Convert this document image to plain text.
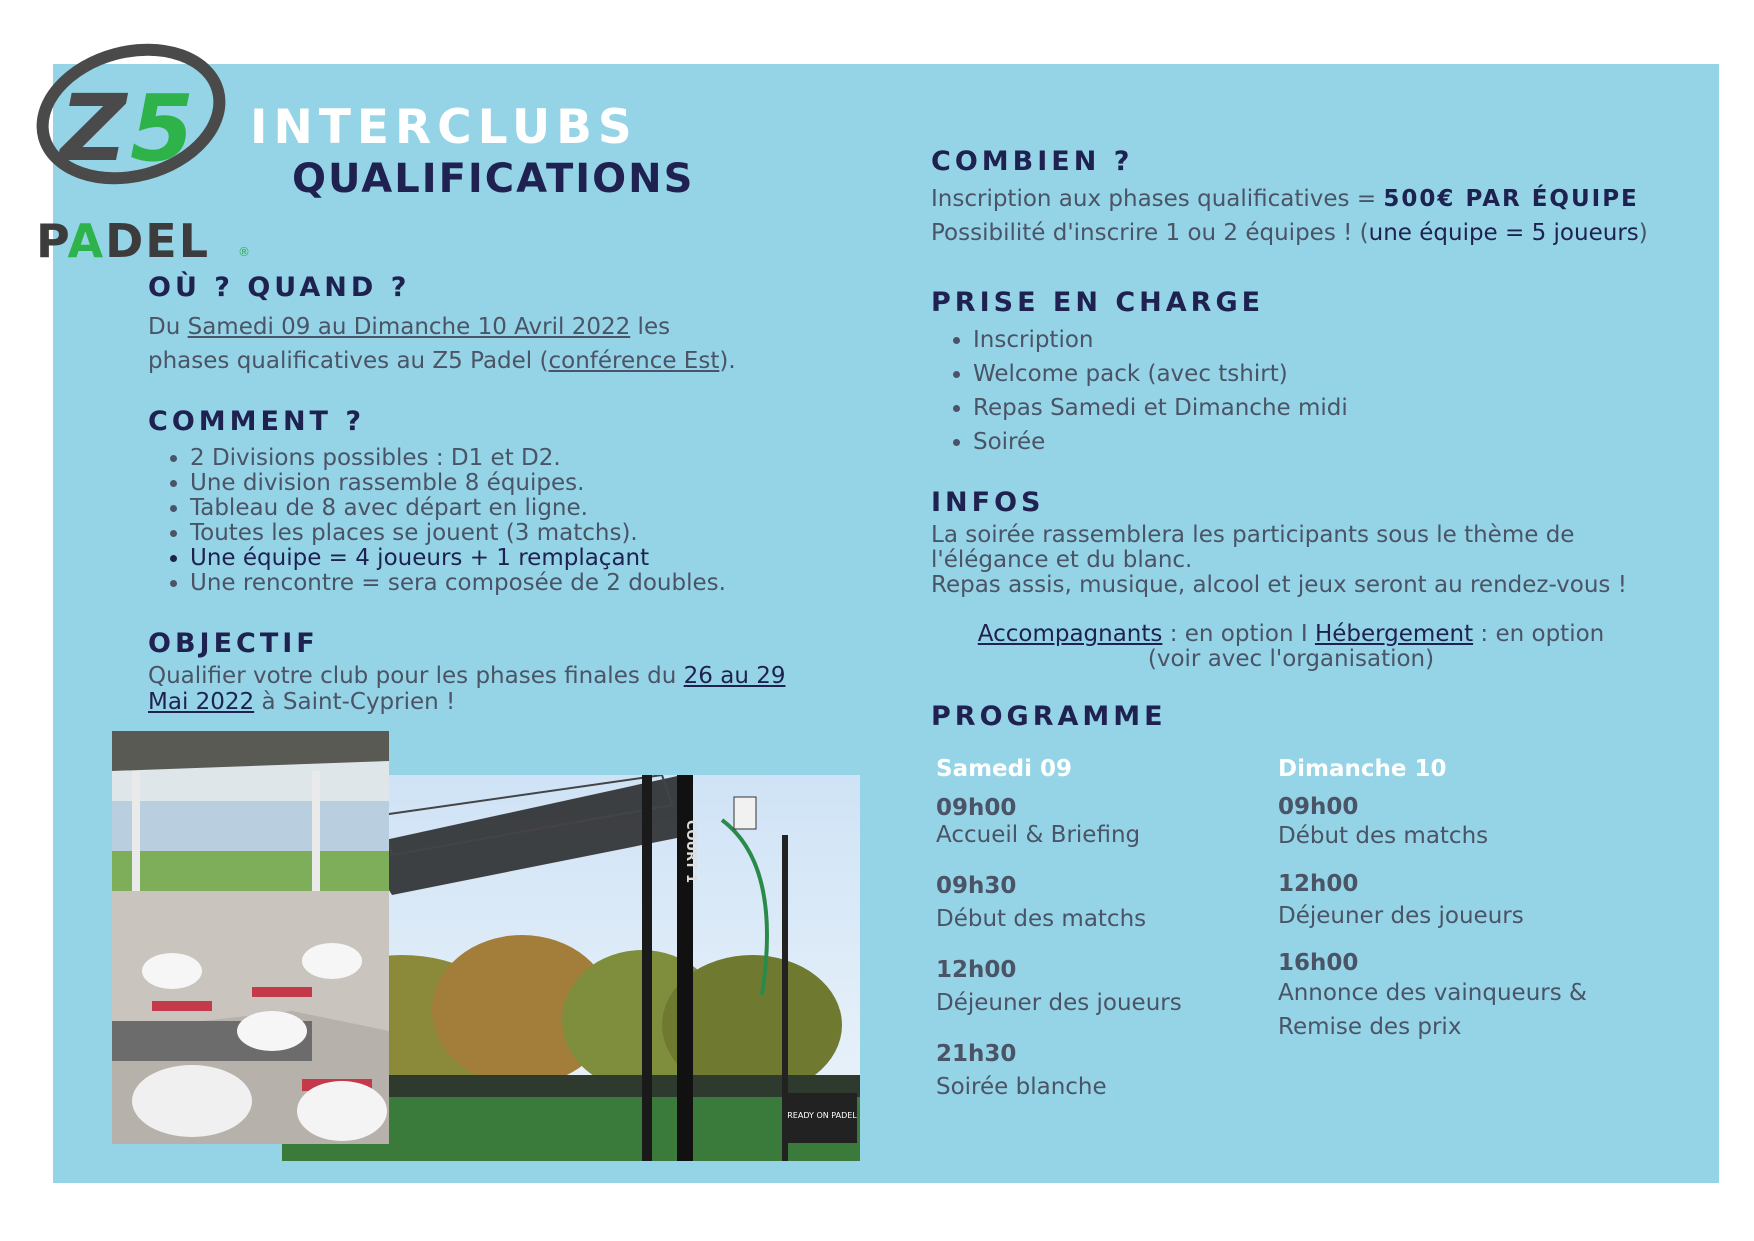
Z 5
PADEL ®
INTERCLUBS
QUALIFICATIONS
OÙ ? QUAND ?
Du Samedi 09 au Dimanche 10 Avril 2022 les phases qualificatives au Z5 Padel (conférence Est).
COMMENT ?
• 2 Divisions possibles : D1 et D2.
• Une division rassemble 8 équipes.
• Tableau de 8 avec départ en ligne.
• Toutes les places se jouent (3 matchs).
• Une équipe = 4 joueurs + 1 remplaçant
• Une rencontre = sera composée de 2 doubles.
OBJECTIF
Qualifier votre club pour les phases finales du 26 au 29 Mai 2022 à Saint-Cyprien !
READY ON PADEL
COURT 1
COMBIEN ?
Inscription aux phases qualificatives = 500€ PAR ÉQUIPE
Possibilité d'inscrire 1 ou 2 équipes ! (une équipe = 5 joueurs)
PRISE EN CHARGE
• Inscription
• Welcome pack (avec tshirt)
• Repas Samedi et Dimanche midi
• Soirée
INFOS
La soirée rassemblera les participants sous le thème de
l'élégance et du blanc.
Repas assis, musique, alcool et jeux seront au rendez-vous !
Accompagnants : en option I Hébergement : en option
(voir avec l'organisation)
PROGRAMME
Samedi 09
09h00
Accueil & Briefing
09h30
Début des matchs
12h00
Déjeuner des joueurs
21h30
Soirée blanche
Dimanche 10
09h00
Début des matchs
12h00
Déjeuner des joueurs
16h00
Annonce des vainqueurs &
Remise des prix
